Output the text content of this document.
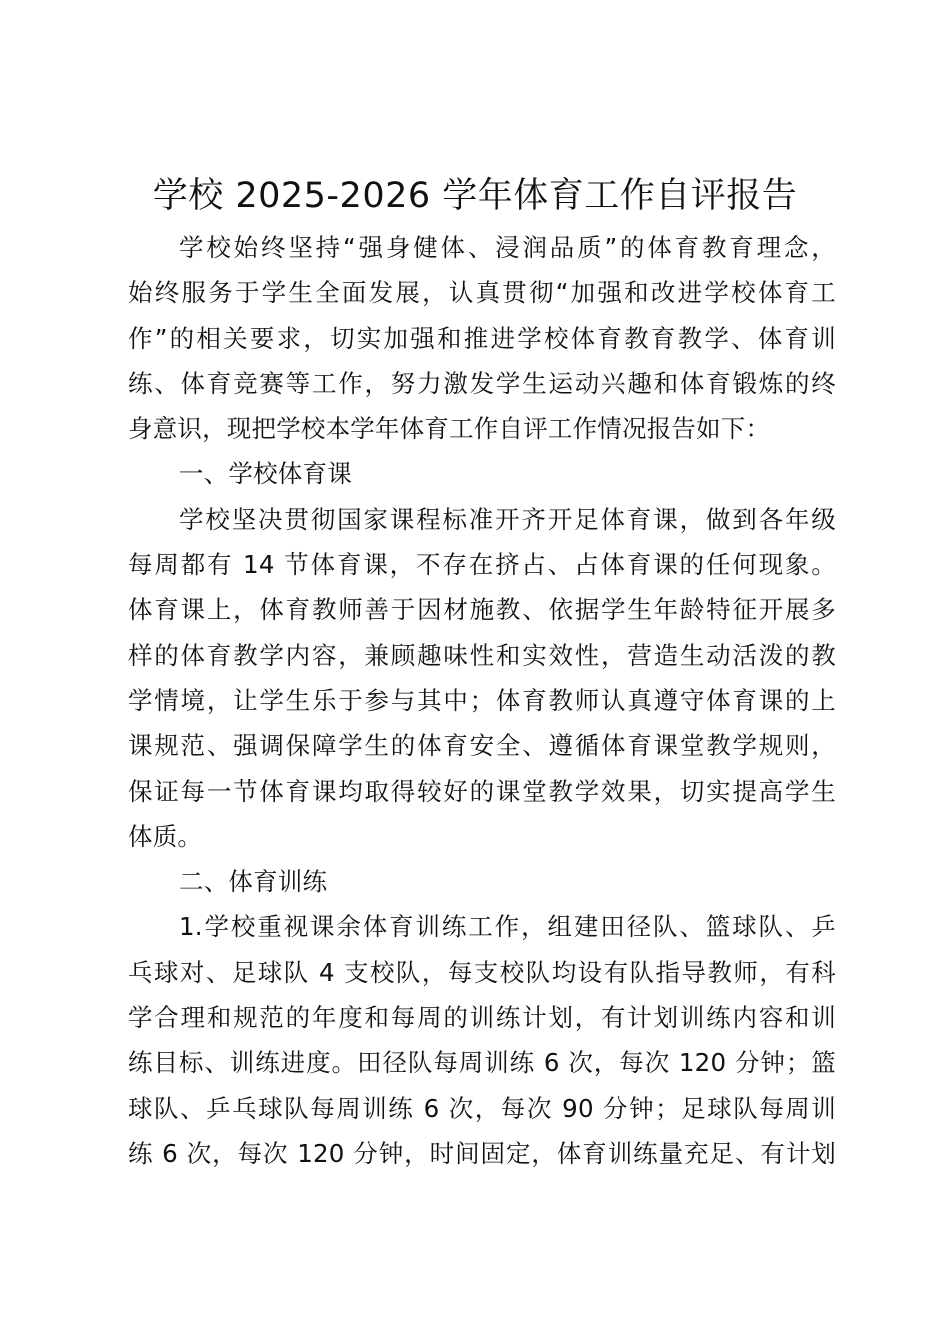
学校 2025-2026 学年体育工作自评报告
学校始终坚持“强身健体、浸润品质”的体育教育理念，
始终服务于学生全面发展，认真贯彻“加强和改进学校体育工
作”的相关要求，切实加强和推进学校体育教育教学、体育训
练、体育竞赛等工作，努力激发学生运动兴趣和体育锻炼的终
身意识，现把学校本学年体育工作自评工作情况报告如下：
一、学校体育课
学校坚决贯彻国家课程标准开齐开足体育课，做到各年级
每周都有 14 节体育课，不存在挤占、占体育课的任何现象。
体育课上，体育教师善于因材施教、依据学生年龄特征开展多
样的体育教学内容，兼顾趣味性和实效性，营造生动活泼的教
学情境，让学生乐于参与其中；体育教师认真遵守体育课的上
课规范、强调保障学生的体育安全、遵循体育课堂教学规则，
保证每一节体育课均取得较好的课堂教学效果，切实提高学生
体质。
二、体育训练
1.学校重视课余体育训练工作，组建田径队、篮球队、乒
乓球对、足球队 4 支校队，每支校队均设有队指导教师，有科
学合理和规范的年度和每周的训练计划，有计划训练内容和训
练目标、训练进度。田径队每周训练 6 次，每次 120 分钟；篮
球队、乒乓球队每周训练 6 次，每次 90 分钟；足球队每周训
练 6 次，每次 120 分钟，时间固定，体育训练量充足、有计划
